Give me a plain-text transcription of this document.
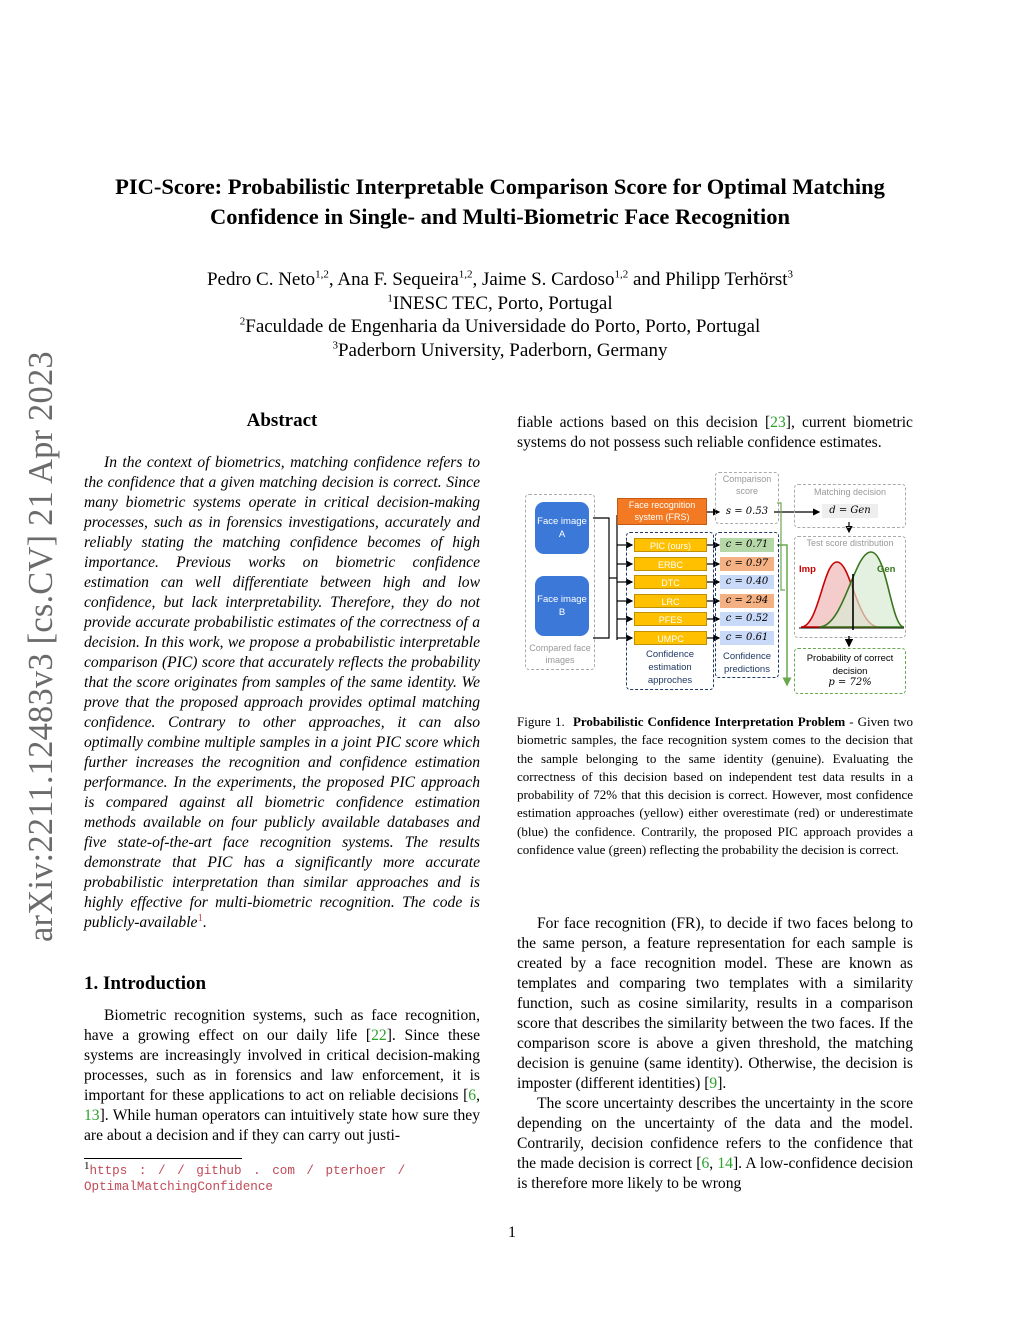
arXiv:2211.12483v3 [cs.CV] 21 Apr 2023
PIC-Score: Probabilistic Interpretable Comparison Score for Optimal Matching
Confidence in Single- and Multi-Biometric Face Recognition
Pedro C. Neto$^{1,2}$, Ana F. Sequeira$^{1,2}$, Jaime S. Cardoso$^{1,2}$ and Philipp Terhörst$^3$
$^1$INESC TEC, Porto, Portugal
$^2$Faculdade de Engenharia da Universidade do Porto, Porto, Portugal
$^3$Paderborn University, Paderborn, Germany
Abstract
In the context of biometrics, matching confidence refers to the confidence that a given matching decision is correct. Since many biometric systems operate in critical decision-making processes, such as in forensics investigations, accurately and reliably stating the matching confidence becomes of high importance. Previous works on biometric confidence estimation can well differentiate between high and low confidence, but lack interpretability. Therefore, they do not provide accurate probabilistic estimates of the correctness of a decision. In this work, we propose a probabilistic interpretable comparison (PIC) score that accurately reflects the probability that the score originates from samples of the same identity. We prove that the proposed approach provides optimal matching confidence. Contrary to other approaches, it can also optimally combine multiple samples in a joint PIC score which further increases the recognition and confidence estimation performance. In the experiments, the proposed PIC approach is compared against all biometric confidence estimation methods available on four publicly available databases and five state-of-the-art face recognition systems. The results demonstrate that PIC has a significantly more accurate probabilistic interpretation than similar approaches and is highly effective for multi-biometric recognition. The code is publicly-available$^1$.
1. Introduction
Biometric recognition systems, such as face recognition, have a growing effect on our daily life [22]. Since these systems are increasingly involved in critical decision-making processes, such as in forensics and law enforcement, it is important for these applications to act on reliable decisions [6, 13]. While human operators can intuitively state how sure they are about a decision and if they can carry out justi-
$^1$https : / / github . com / pterhoer / OptimalMatchingConfidence
fiable actions based on this decision [23], current biometric systems do not possess such reliable confidence estimates.
Face image A
Face image B
Compared face images
Face recognition system (FRS)
PIC (ours)
ERBC
DTC
LRC
PFES
UMPC
Confidence estimation approches
Comparison score
s = 0.53
c = 0.71
c = 0.97
c = 0.40
c = 2.94
c = 0.52
c = 0.61
Confidence predictions
Matching decision
d = Gen
Test score distribution
Imp	Gen
Probability of correct decision
p = 72%
Figure 1. Probabilistic Confidence Interpretation Problem - Given two biometric samples, the face recognition system comes to the decision that the sample belonging to the same identity (genuine). Evaluating the correctness of this decision based on independent test data results in a probability of 72% that this decision is correct. However, most confidence estimation approaches (yellow) either overestimate (red) or underestimate (blue) the confidence. Contrarily, the proposed PIC approach provides a confidence value (green) reflecting the probability the decision is correct.
For face recognition (FR), to decide if two faces belong to the same person, a feature representation for each sample is created by a face recognition model. These are known as templates and comparing two templates with a similarity function, such as cosine similarity, results in a comparison score that describes the similarity between the two faces. If the comparison score is above a given threshold, the matching decision is genuine (same identity). Otherwise, the decision is imposter (different identities) [9].
The score uncertainty describes the uncertainty in the score depending on the uncertainty of the data and the model. Contrarily, decision confidence refers to the confidence that the made decision is correct [6, 14]. A low-confidence decision is therefore more likely to be wrong
1
